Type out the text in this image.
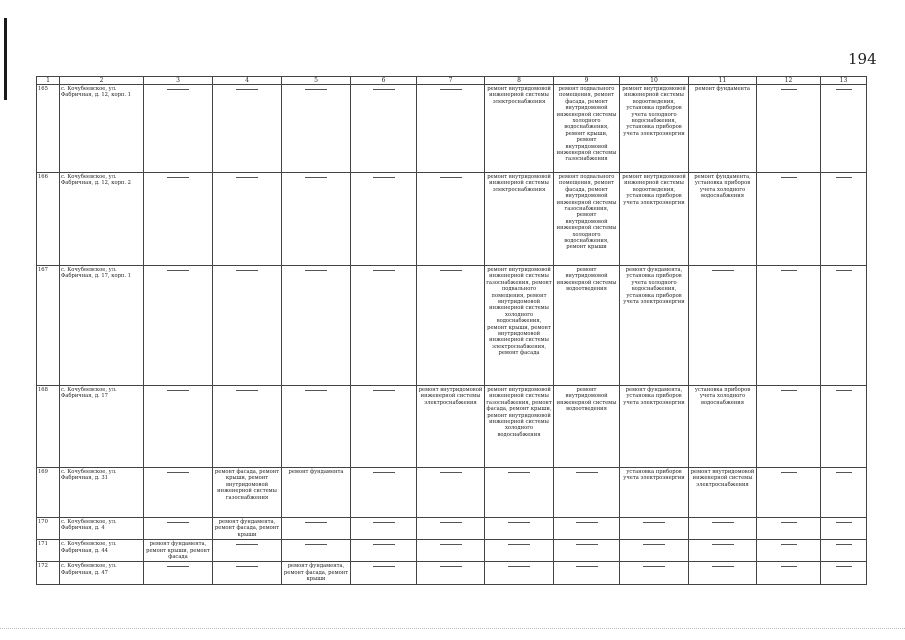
194
1	2	3	4	5	6	7	8	9	10	11	12	13
165	с. Кочубеевское, ул. Фабричная, д. 12, корп. 1						ремонт внутридомовой инженерной системы электроснабжения	ремонт подвального помещения, ремонт фасада, ремонт внутридомовой инженерной системы холодного водоснабжения, ремонт крыши, ремонт внутридомовой инженерной системы газоснабжения	ремонт внутридомовой инженерной системы водоотведения, установка приборов учета холодного водоснабжения, установка приборов учета электроэнергии	ремонт фундамента	

166	с. Кочубеевское, ул. Фабричная, д. 12, корп. 2						ремонт внутридомовой инженерной системы электроснабжения	ремонт подвального помещения, ремонт фасада, ремонт внутридомовой инженерной системы газоснабжения, ремонт внутридомовой инженерной системы холодного водоснабжения, ремонт крыши	ремонт внутридомовой инженерной системы водоотведения, установка приборов учета электроэнергии	ремонт фундамента, установка приборов учета холодного водоснабжения	

167	с. Кочубеевское, ул. Фабричная, д. 17, корп. 1						ремонт внутридомовой инженерной системы газоснабжения, ремонт подвального помещения, ремонт внутридомовой инженерной системы холодного водоснабжения, ремонт крыши, ремонт внутридомовой инженерной системы электроснабжения, ремонт фасада	ремонт внутридомовой инженерной системы водоотведения	ремонт фундамента, установка приборов учета холодного водоснабжения, установка приборов учета электроэнергии	

168	с. Кочубеевское, ул. Фабричная, д. 17					ремонт внутридомовой инженерной системы электроснабжения	ремонт внутридомовой инженерной системы газоснабжения, ремонт фасада, ремонт крыши, ремонт внутридомовой инженерной системы холодного водоснабжения	ремонт внутридомовой инженерной системы водоотведения	ремонт фундамента, установка приборов учета электроэнергии	установка приборов учета холодного водоснабжения	

169	с. Кочубеевское, ул. Фабричная, д. 31		ремонт фасада, ремонт крыши, ремонт внутридомовой инженерной системы газоснабжения	ремонт фундамента					установка приборов учета электроэнергии	ремонт внутридомовой инженерной системы электроснабжения	

170	с. Кочубеевское, ул. Фабричная, д. 4		ремонт фундамента, ремонт фасада, ремонт крыши	

171	с. Кочубеевское, ул. Фабричная, д. 44	ремонт фундамента, ремонт крыши, ремонт фасада	

172	с. Кочубеевское, ул. Фабричная, д. 47			ремонт фундамента, ремонт фасада, ремонт крыши	
